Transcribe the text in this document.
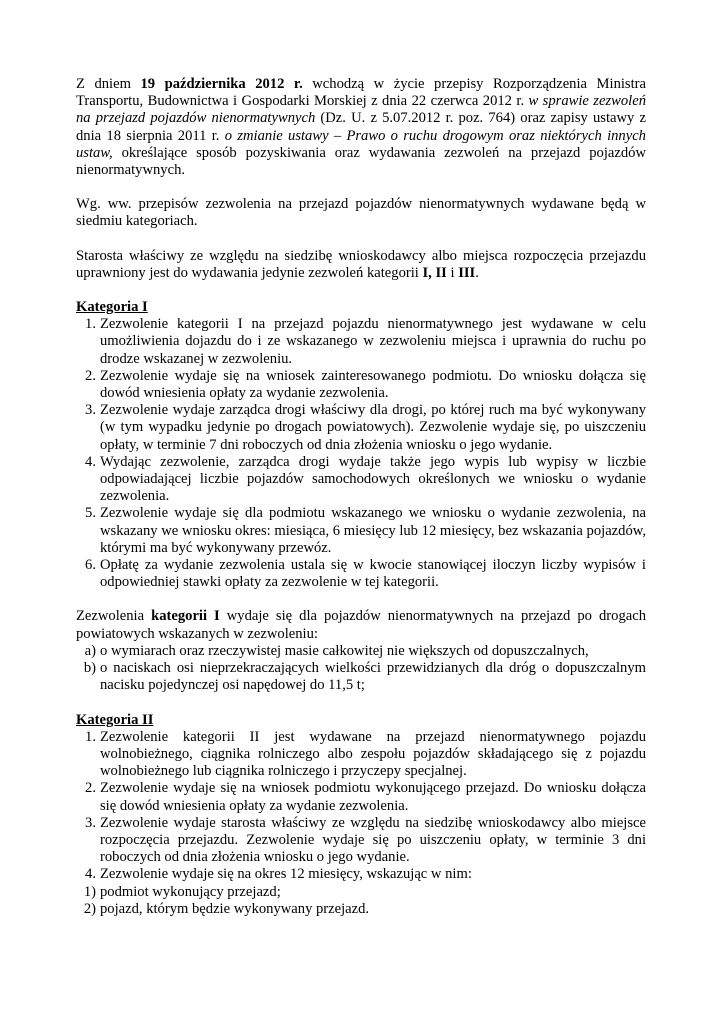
Z dniem 19 października 2012 r. wchodzą w życie przepisy Rozporządzenia Ministra Transportu, Budownictwa i Gospodarki Morskiej z dnia 22 czerwca 2012 r. w sprawie zezwoleń na przejazd pojazdów nienormatywnych (Dz. U. z 5.07.2012 r. poz. 764) oraz zapisy ustawy z dnia 18 sierpnia 2011 r. o zmianie ustawy – Prawo o ruchu drogowym oraz niektórych innych ustaw, określające sposób pozyskiwania oraz wydawania zezwoleń na przejazd pojazdów nienormatywnych.

Wg. ww. przepisów zezwolenia na przejazd pojazdów nienormatywnych wydawane będą w siedmiu kategoriach.

Starosta właściwy ze względu na siedzibę wnioskodawcy albo miejsca rozpoczęcia przejazdu uprawniony jest do wydawania jedynie zezwoleń kategorii I, II i III.

Kategoria I

1. Zezwolenie kategorii I na przejazd pojazdu nienormatywnego jest wydawane w celu umożliwienia dojazdu do i ze wskazanego w zezwoleniu miejsca i uprawnia do ruchu po drodze wskazanej w zezwoleniu.
2. Zezwolenie wydaje się na wniosek zainteresowanego podmiotu. Do wniosku dołącza się dowód wniesienia opłaty za wydanie zezwolenia.
3. Zezwolenie wydaje zarządca drogi właściwy dla drogi, po której ruch ma być wykonywany (w tym wypadku jedynie po drogach powiatowych). Zezwolenie wydaje się, po uiszczeniu opłaty, w terminie 7 dni roboczych od dnia złożenia wniosku o jego wydanie.
4. Wydając zezwolenie, zarządca drogi wydaje także jego wypis lub wypisy w liczbie odpowiadającej liczbie pojazdów samochodowych określonych we wniosku o wydanie zezwolenia.
5. Zezwolenie wydaje się dla podmiotu wskazanego we wniosku o wydanie zezwolenia, na wskazany we wniosku okres: miesiąca, 6 miesięcy lub 12 miesięcy, bez wskazania pojazdów, którymi ma być wykonywany przewóz.
6. Opłatę za wydanie zezwolenia ustala się w kwocie stanowiącej iloczyn liczby wypisów i odpowiedniej stawki opłaty za zezwolenie w tej kategorii.

Zezwolenia kategorii I wydaje się dla pojazdów nienormatywnych na przejazd po drogach powiatowych wskazanych w zezwoleniu:

a) o wymiarach oraz rzeczywistej masie całkowitej nie większych od dopuszczalnych,
b) o naciskach osi nieprzekraczających wielkości przewidzianych dla dróg o dopuszczalnym nacisku pojedynczej osi napędowej do 11,5 t;

Kategoria II

1. Zezwolenie kategorii II jest wydawane na przejazd nienormatywnego pojazdu wolnobieżnego, ciągnika rolniczego albo zespołu pojazdów składającego się z pojazdu wolnobieżnego lub ciągnika rolniczego i przyczepy specjalnej.
2. Zezwolenie wydaje się na wniosek podmiotu wykonującego przejazd. Do wniosku dołącza się dowód wniesienia opłaty za wydanie zezwolenia.
3. Zezwolenie wydaje starosta właściwy ze względu na siedzibę wnioskodawcy albo miejsce rozpoczęcia przejazdu. Zezwolenie wydaje się po uiszczeniu opłaty, w terminie 3 dni roboczych od dnia złożenia wniosku o jego wydanie.
4. Zezwolenie wydaje się na okres 12 miesięcy, wskazując w nim:
1) podmiot wykonujący przejazd;
2) pojazd, którym będzie wykonywany przejazd.
